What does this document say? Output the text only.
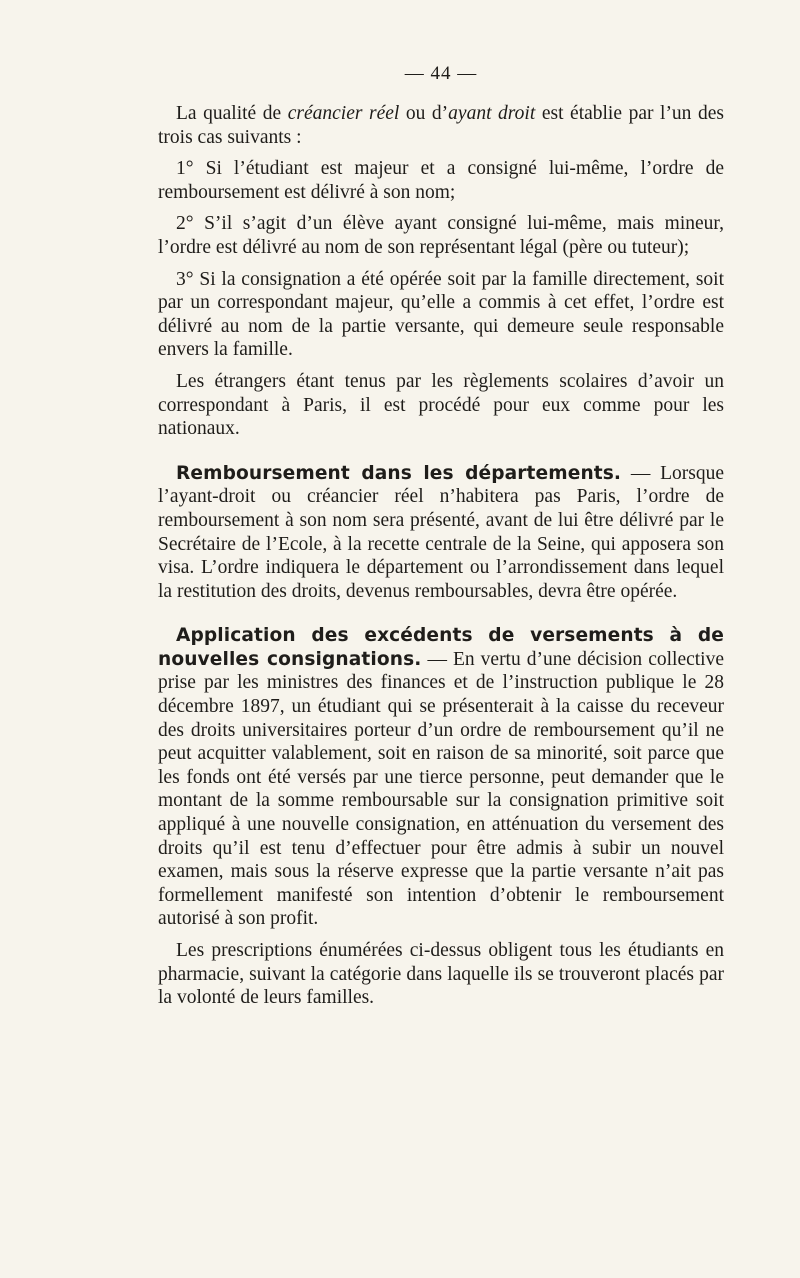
— 44 —

La qualité de créancier réel ou d’ayant droit est établie par l’un des trois cas suivants :

1° Si l’étudiant est majeur et a consigné lui-même, l’ordre de remboursement est délivré à son nom;

2° S’il s’agit d’un élève ayant consigné lui-même, mais mineur, l’ordre est délivré au nom de son représentant légal (père ou tuteur);

3° Si la consignation a été opérée soit par la famille directement, soit par un correspondant majeur, qu’elle a commis à cet effet, l’ordre est délivré au nom de la partie versante, qui demeure seule responsable envers la famille.

Les étrangers étant tenus par les règlements scolaires d’avoir un correspondant à Paris, il est procédé pour eux comme pour les nationaux.

Remboursement dans les départements. — Lorsque l’ayant-droit ou créancier réel n’habitera pas Paris, l’ordre de remboursement à son nom sera présenté, avant de lui être délivré par le Secrétaire de l’Ecole, à la recette centrale de la Seine, qui apposera son visa. L’ordre indiquera le département ou l’arrondissement dans lequel la restitution des droits, devenus remboursables, devra être opérée.

Application des excédents de versements à de nouvelles consignations. — En vertu d’une décision collective prise par les ministres des finances et de l’instruction publique le 28 décembre 1897, un étudiant qui se présenterait à la caisse du receveur des droits universitaires porteur d’un ordre de remboursement qu’il ne peut acquitter valablement, soit en raison de sa minorité, soit parce que les fonds ont été versés par une tierce personne, peut demander que le montant de la somme remboursable sur la consignation primitive soit appliqué à une nouvelle consignation, en atténuation du versement des droits qu’il est tenu d’effectuer pour être admis à subir un nouvel examen, mais sous la réserve expresse que la partie versante n’ait pas formellement manifesté son intention d’obtenir le remboursement autorisé à son profit.

Les prescriptions énumérées ci-dessus obligent tous les étudiants en pharmacie, suivant la catégorie dans laquelle ils se trouveront placés par la volonté de leurs familles.
